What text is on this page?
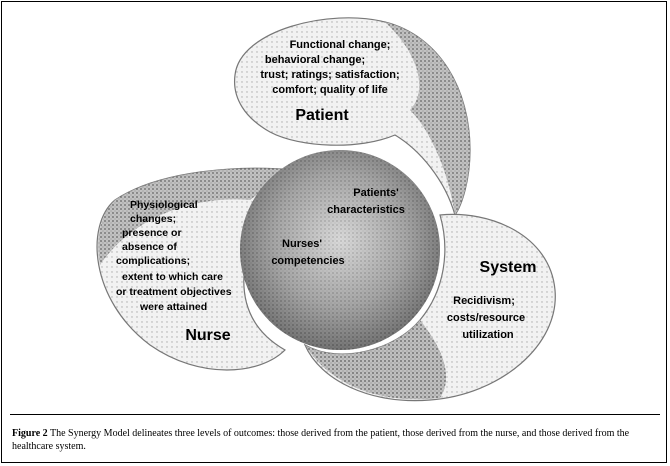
Functional change;
behavioral change;
trust; ratings; satisfaction;
comfort; quality of life
Patient
Patients'
characteristics
Nurses'
competencies
Physiological
changes;
presence or
absence of
complications;
extent to which care
or treatment objectives
were attained
Nurse
System
Recidivism;
costs/resource
utilization
Figure 2 The Synergy Model delineates three levels of outcomes: those derived from the patient, those derived from the nurse, and those derived from the healthcare system.
